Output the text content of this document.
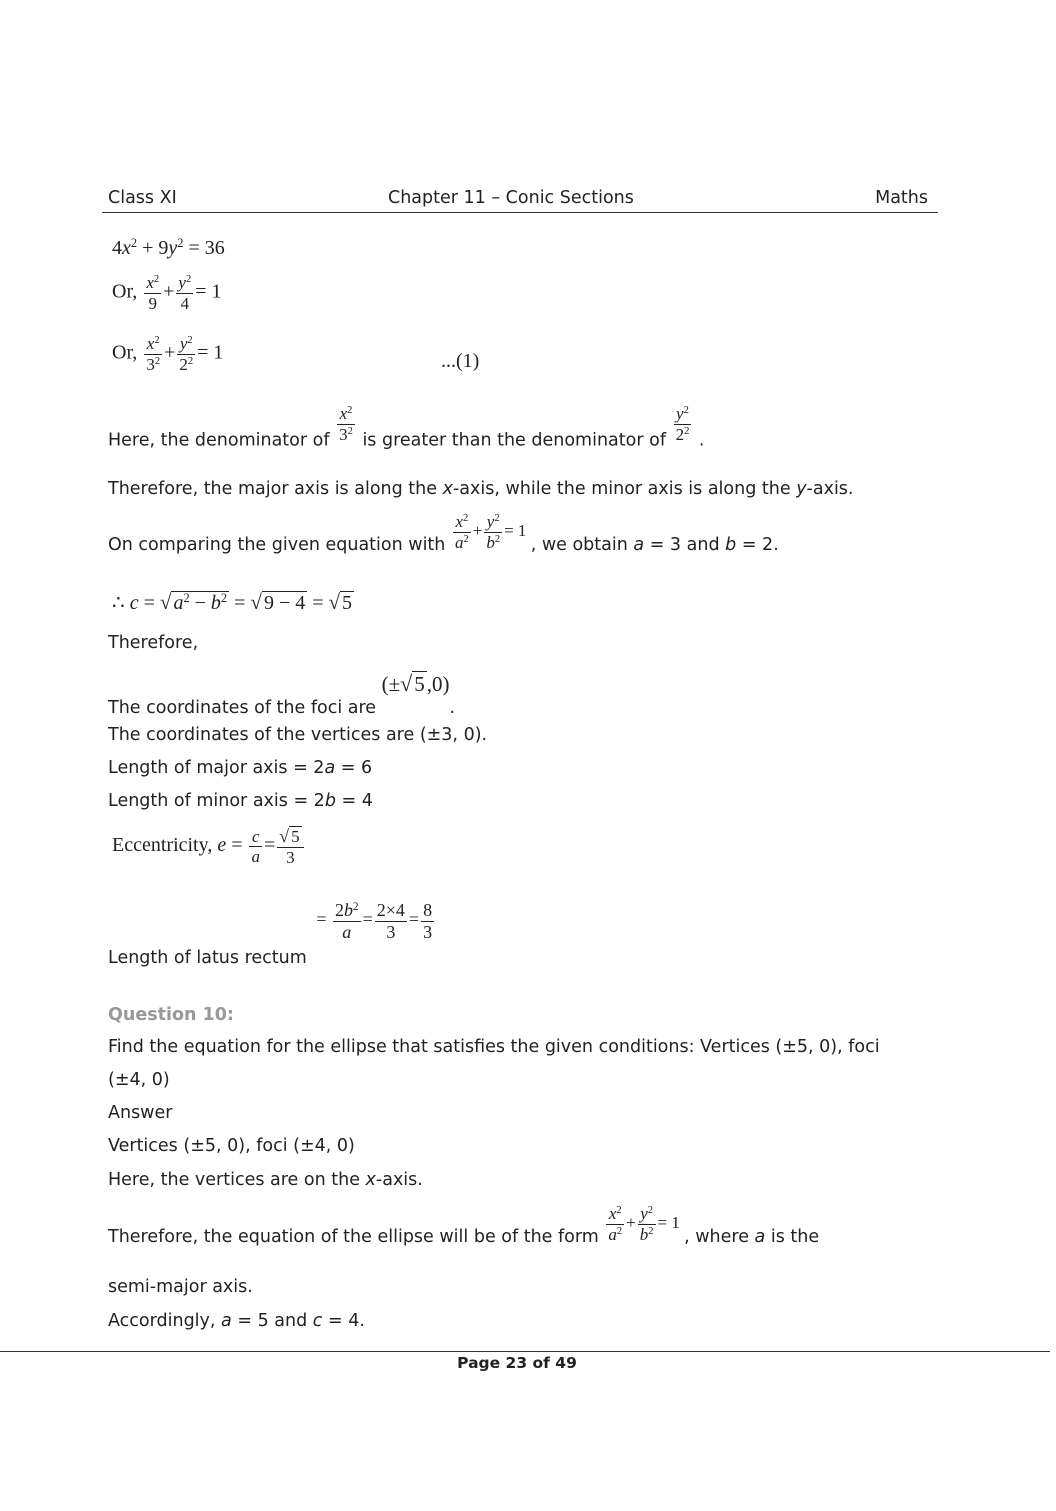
Class XI	Chapter 11 – Conic Sections	Maths
$4x^2 + 9y^2 = 36$
Or, $\frac{x^2}{9} + \frac{y^2}{4} = 1$
Or, $\frac{x^2}{3^2} + \frac{y^2}{2^2} = 1$	...(1)
Here, the denominator of $\frac{x^2}{3^2}$ is greater than the denominator of $\frac{y^2}{2^2}$ .
Therefore, the major axis is along the x-axis, while the minor axis is along the y-axis.
On comparing the given equation with $\frac{x^2}{a^2} + \frac{y^2}{b^2} = 1$ , we obtain a = 3 and b = 2.
∴ c = √ $a^2 - b^2$ = √ 9 − 4 = √ 5
Therefore,
The coordinates of the foci are (±√5,0).
The coordinates of the vertices are (±3, 0).
Length of major axis = 2a = 6
Length of minor axis = 2b = 4
Eccentricity, $e = \frac{c}{a} = \frac{√ 5}{3}$
Length of latus rectum = $\frac{2b^2}{a} = \frac{2\times 4}{3} = \frac{8}{3}$
Question 10:
Find the equation for the ellipse that satisfies the given conditions: Vertices (±5, 0), foci
(±4, 0)
Answer
Vertices (±5, 0), foci (±4, 0)
Here, the vertices are on the x-axis.
Therefore, the equation of the ellipse will be of the form $\frac{x^2}{a^2} + \frac{y^2}{b^2} = 1$ , where a is the
semi-major axis.
Accordingly, a = 5 and c = 4.
Page 23 of 49
